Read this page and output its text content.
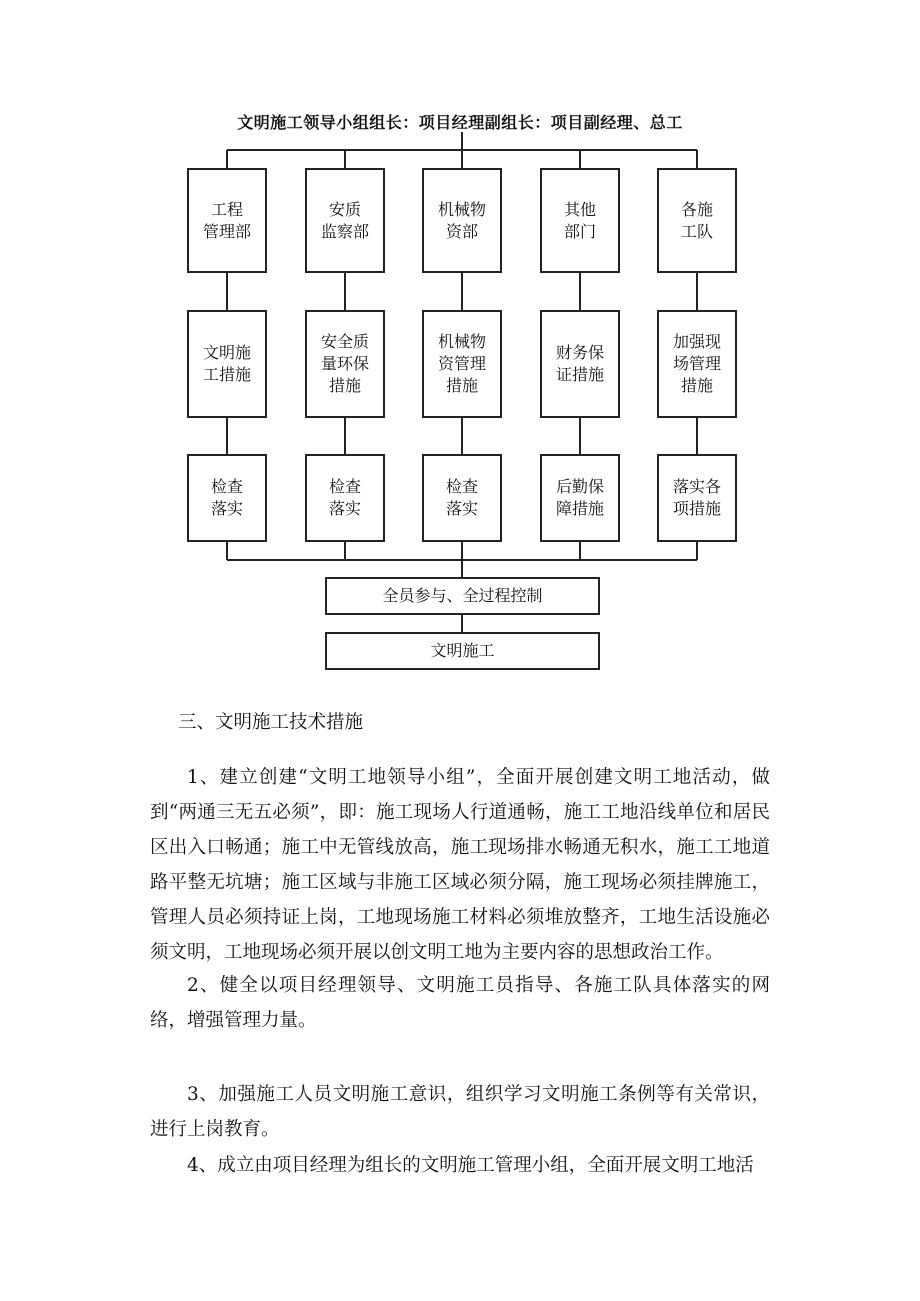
文明施工领导小组组长：项目经理副组长：项目副经理、总工
工程
管理部
安质
监察部
机械物
资部
其他
部门
各施
工队
文明施
工措施
安全质
量环保
措施
机械物
资管理
措施
财务保
证措施
加强现
场管理
措施
检查
落实
检查
落实
检查
落实
后勤保
障措施
落实各
项措施
全员参与、全过程控制
文明施工
三、文明施工技术措施

1、建立创建“文明工地领导小组”，全面开展创建文明工地活动，做到“两通三无五必须”，即：施工现场人行道通畅，施工工地沿线单位和居民区出入口畅通；施工中无管线放高，施工现场排水畅通无积水，施工工地道路平整无坑塘；施工区域与非施工区域必须分隔，施工现场必须挂牌施工，管理人员必须持证上岗，工地现场施工材料必须堆放整齐，工地生活设施必须文明，工地现场必须开展以创文明工地为主要内容的思想政治工作。

2、健全以项目经理领导、文明施工员指导、各施工队具体落实的网络，增强管理力量。

3、加强施工人员文明施工意识，组织学习文明施工条例等有关常识，进行上岗教育。

4、成立由项目经理为组长的文明施工管理小组，全面开展文明工地活
